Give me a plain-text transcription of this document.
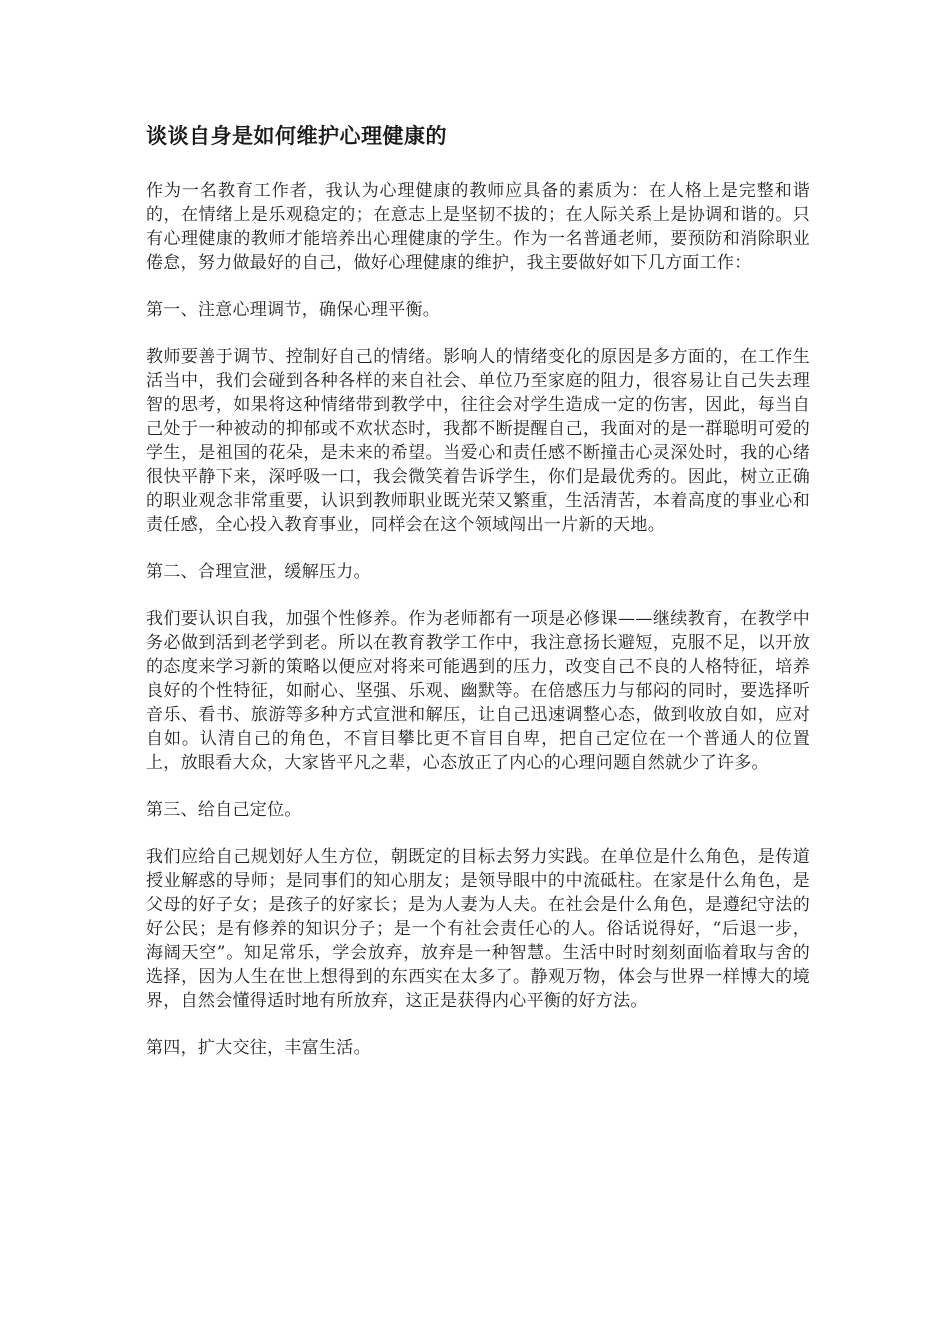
谈谈自身是如何维护心理健康的

作为一名教育工作者，我认为心理健康的教师应具备的素质为：在人格上是完整和谐的，在情绪上是乐观稳定的；在意志上是坚韧不拔的；在人际关系上是协调和谐的。只有心理健康的教师才能培养出心理健康的学生。作为一名普通老师，要预防和消除职业倦怠，努力做最好的自己，做好心理健康的维护，我主要做好如下几方面工作：

第一、注意心理调节，确保心理平衡。

教师要善于调节、控制好自己的情绪。影响人的情绪变化的原因是多方面的，在工作生活当中，我们会碰到各种各样的来自社会、单位乃至家庭的阻力，很容易让自己失去理智的思考，如果将这种情绪带到教学中，往往会对学生造成一定的伤害，因此，每当自己处于一种被动的抑郁或不欢状态时，我都不断提醒自己，我面对的是一群聪明可爱的学生，是祖国的花朵，是未来的希望。当爱心和责任感不断撞击心灵深处时，我的心绪很快平静下来，深呼吸一口，我会微笑着告诉学生，你们是最优秀的。因此，树立正确的职业观念非常重要，认识到教师职业既光荣又繁重，生活清苦，本着高度的事业心和责任感，全心投入教育事业，同样会在这个领域闯出一片新的天地。

第二、合理宣泄，缓解压力。

我们要认识自我，加强个性修养。作为老师都有一项是必修课——继续教育，在教学中务必做到活到老学到老。所以在教育教学工作中，我注意扬长避短，克服不足，以开放的态度来学习新的策略以便应对将来可能遇到的压力，改变自己不良的人格特征，培养良好的个性特征，如耐心、坚强、乐观、幽默等。在倍感压力与郁闷的同时，要选择听音乐、看书、旅游等多种方式宣泄和解压，让自己迅速调整心态，做到收放自如，应对自如。认清自己的角色，不盲目攀比更不盲目自卑，把自己定位在一个普通人的位置上，放眼看大众，大家皆平凡之辈，心态放正了内心的心理问题自然就少了许多。

第三、给自己定位。

我们应给自己规划好人生方位，朝既定的目标去努力实践。在单位是什么角色，是传道授业解惑的导师；是同事们的知心朋友；是领导眼中的中流砥柱。在家是什么角色，是父母的好子女；是孩子的好家长；是为人妻为人夫。在社会是什么角色，是遵纪守法的好公民；是有修养的知识分子；是一个有社会责任心的人。俗话说得好，“后退一步，海阔天空”。知足常乐，学会放弃，放弃是一种智慧。生活中时时刻刻面临着取与舍的选择，因为人生在世上想得到的东西实在太多了。静观万物，体会与世界一样博大的境界，自然会懂得适时地有所放弃，这正是获得内心平衡的好方法。

第四，扩大交往，丰富生活。
